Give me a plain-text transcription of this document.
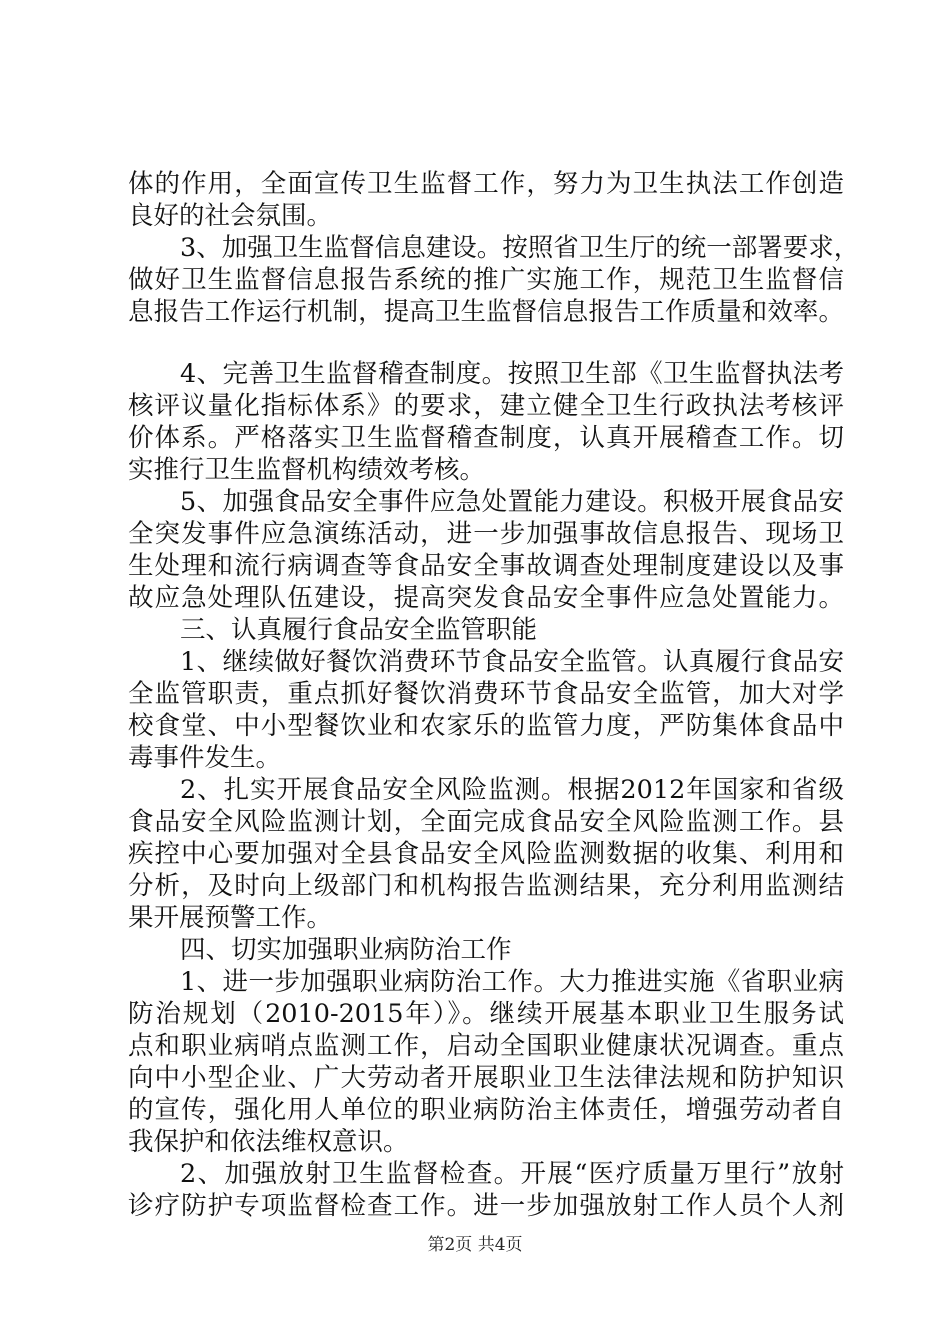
体的作用，全面宣传卫生监督工作，努力为卫生执法工作创造
良好的社会氛围。
3、加强卫生监督信息建设。按照省卫生厅的统一部署要求，
做好卫生监督信息报告系统的推广实施工作，规范卫生监督信
息报告工作运行机制，提高卫生监督信息报告工作质量和效率。
4、完善卫生监督稽查制度。按照卫生部《卫生监督执法考
核评议量化指标体系》的要求，建立健全卫生行政执法考核评
价体系。严格落实卫生监督稽查制度，认真开展稽查工作。切
实推行卫生监督机构绩效考核。
5、加强食品安全事件应急处置能力建设。积极开展食品安
全突发事件应急演练活动，进一步加强事故信息报告、现场卫
生处理和流行病调查等食品安全事故调查处理制度建设以及事
故应急处理队伍建设，提高突发食品安全事件应急处置能力。
三、认真履行食品安全监管职能
1、继续做好餐饮消费环节食品安全监管。认真履行食品安
全监管职责，重点抓好餐饮消费环节食品安全监管，加大对学
校食堂、中小型餐饮业和农家乐的监管力度，严防集体食品中
毒事件发生。
2、扎实开展食品安全风险监测。根据2012年国家和省级
食品安全风险监测计划，全面完成食品安全风险监测工作。县
疾控中心要加强对全县食品安全风险监测数据的收集、利用和
分析，及时向上级部门和机构报告监测结果，充分利用监测结
果开展预警工作。
四、切实加强职业病防治工作
1、进一步加强职业病防治工作。大力推进实施《省职业病
防治规划（2010-2015年）》。继续开展基本职业卫生服务试
点和职业病哨点监测工作，启动全国职业健康状况调查。重点
向中小型企业、广大劳动者开展职业卫生法律法规和防护知识
的宣传，强化用人单位的职业病防治主体责任，增强劳动者自
我保护和依法维权意识。
2、加强放射卫生监督检查。开展“医疗质量万里行”放射
诊疗防护专项监督检查工作。进一步加强放射工作人员个人剂
第2页 共4页
